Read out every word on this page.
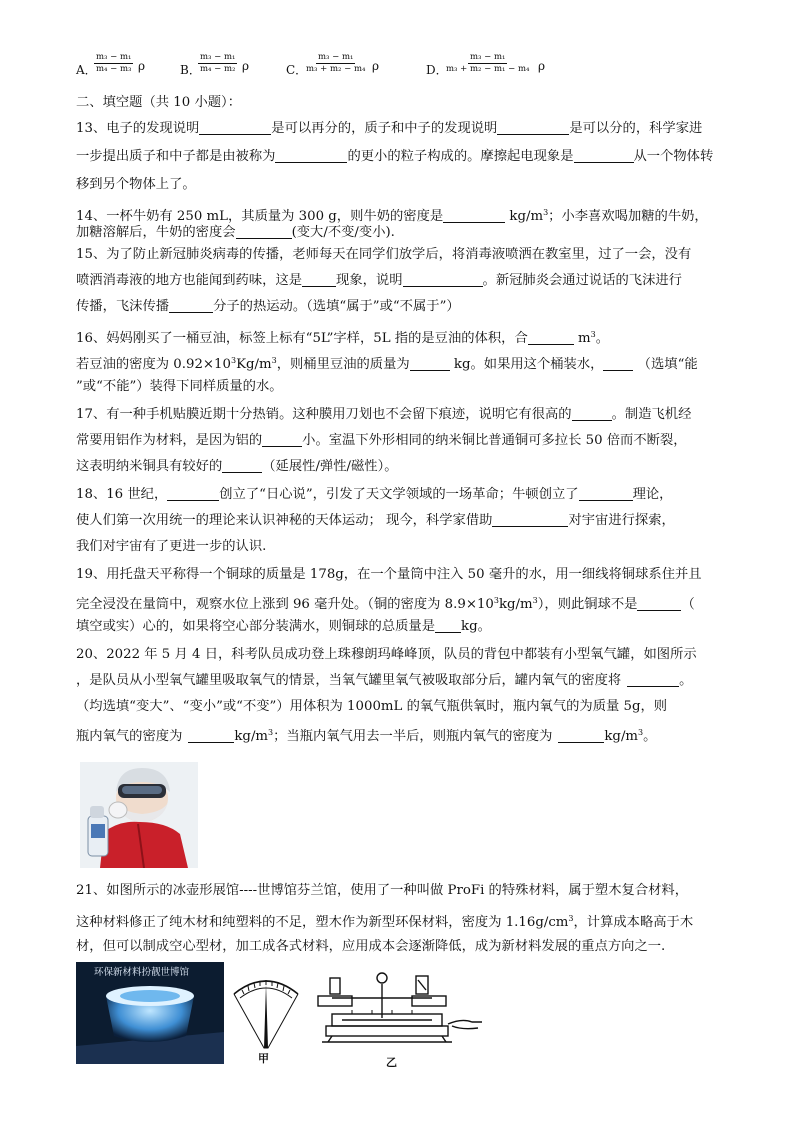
A．
$\frac{\text{m₃ − m₁}}{\text{m₄ − m₃}}$ ρ	B．
$\frac{\text{m₃ − m₁}}{\text{m₄ − m₂}}$ ρ	C．
$\frac{\text{m₃ − m₁}}{\text{m₃ + m₂ − m₄}}$ ρ	D．
$\frac{\text{m₃ − m₁}}{\text{m₃ + m₂ − m₁ − m₄}}$ ρ
二、填空题（共 10 小题）：
13、电子的发现说明	是可以再分的，质子和中子的发现说明	是可以分的，科学家进
一步提出质子和中子都是由被称为	的更小的粒子构成的。摩擦起电现象是	从一个物体转
移到另个物体上了。
14、一杯牛奶有 250 mL，其质量为 300 g，则牛奶的密度是	$kg/m^3$；小李喜欢喝加糖的牛奶，
加糖溶解后，牛奶的密度会	(变大/不变/变小).
15、为了防止新冠肺炎病毒的传播，老师每天在同学们放学后，将消毒液喷洒在教室里，过了一会，没有
喷洒消毒液的地方也能闻到药味，这是	现象，说明	。新冠肺炎会通过说话的飞沫进行
传播，飞沫传播	分子的热运动。（选填“属于”或“不属于”）
16、妈妈刚买了一桶豆油，标签上标有“5L”字样，5L 指的是豆油的体积，合	$m^3$。
若豆油的密度为 $0.92\times 10^3Kg/m^3$，则桶里豆油的质量为	kg。如果用这个桶装水， （选填“能
”或“不能”）装得下同样质量的水。
17、有一种手机贴膜近期十分热销。这种膜用刀划也不会留下痕迹，说明它有很高的	。制造飞机经
常要用铝作为材料，是因为铝的	小。室温下外形相同的纳米铜比普通铜可多拉长 50 倍而不断裂，
这表明纳米铜具有较好的	（延展性/弹性/磁性）。
18、16 世纪，	创立了“日心说”，引发了天文学领域的一场革命；牛顿创立了	理论，
使人们第一次用统一的理论来认识神秘的天体运动； 现今，科学家借助	对宇宙进行探索，
我们对宇宙有了更进一步的认识.
19、用托盘天平称得一个铜球的质量是 178g，在一个量筒中注入 50 毫升的水，用一细线将铜球系住并且
完全浸没在量筒中，观察水位上涨到 96 毫升处。（铜的密度为 $8.9\times 10^3kg/m^3$），则此铜球不是	（
填空或实）心的，如果将空心部分装满水，则铜球的总质量是 kg。
20、2022 年 5 月 4 日，科考队员成功登上珠穆朗玛峰峰顶，队员的背包中都装有小型氧气罐，如图所示
，是队员从小型氧气罐里吸取氧气的情景，当氧气罐里氧气被吸取部分后，罐内氧气的密度将	。
（均选填“变大”、“变小”或“不变”）用体积为 1000mL 的氧气瓶供氧时，瓶内氧气的为质量 5g，则
瓶内氧气的密度为	$kg/m^3$；当瓶内氧气用去一半后，则瓶内氧气的密度为	$kg/m^3$。
21、如图所示的冰壶形展馆----世博馆芬兰馆，使用了一种叫做 ProFi 的特殊材料，属于塑木复合材料，
这种材料修正了纯木材和纯塑料的不足，塑木作为新型环保材料，密度为 $1.16g/cm^3$，计算成本略高于木
材，但可以制成空心型材，加工成各式材料，应用成本会逐渐降低，成为新材料发展的重点方向之一.
环保新材料扮靓世博馆
甲	乙
